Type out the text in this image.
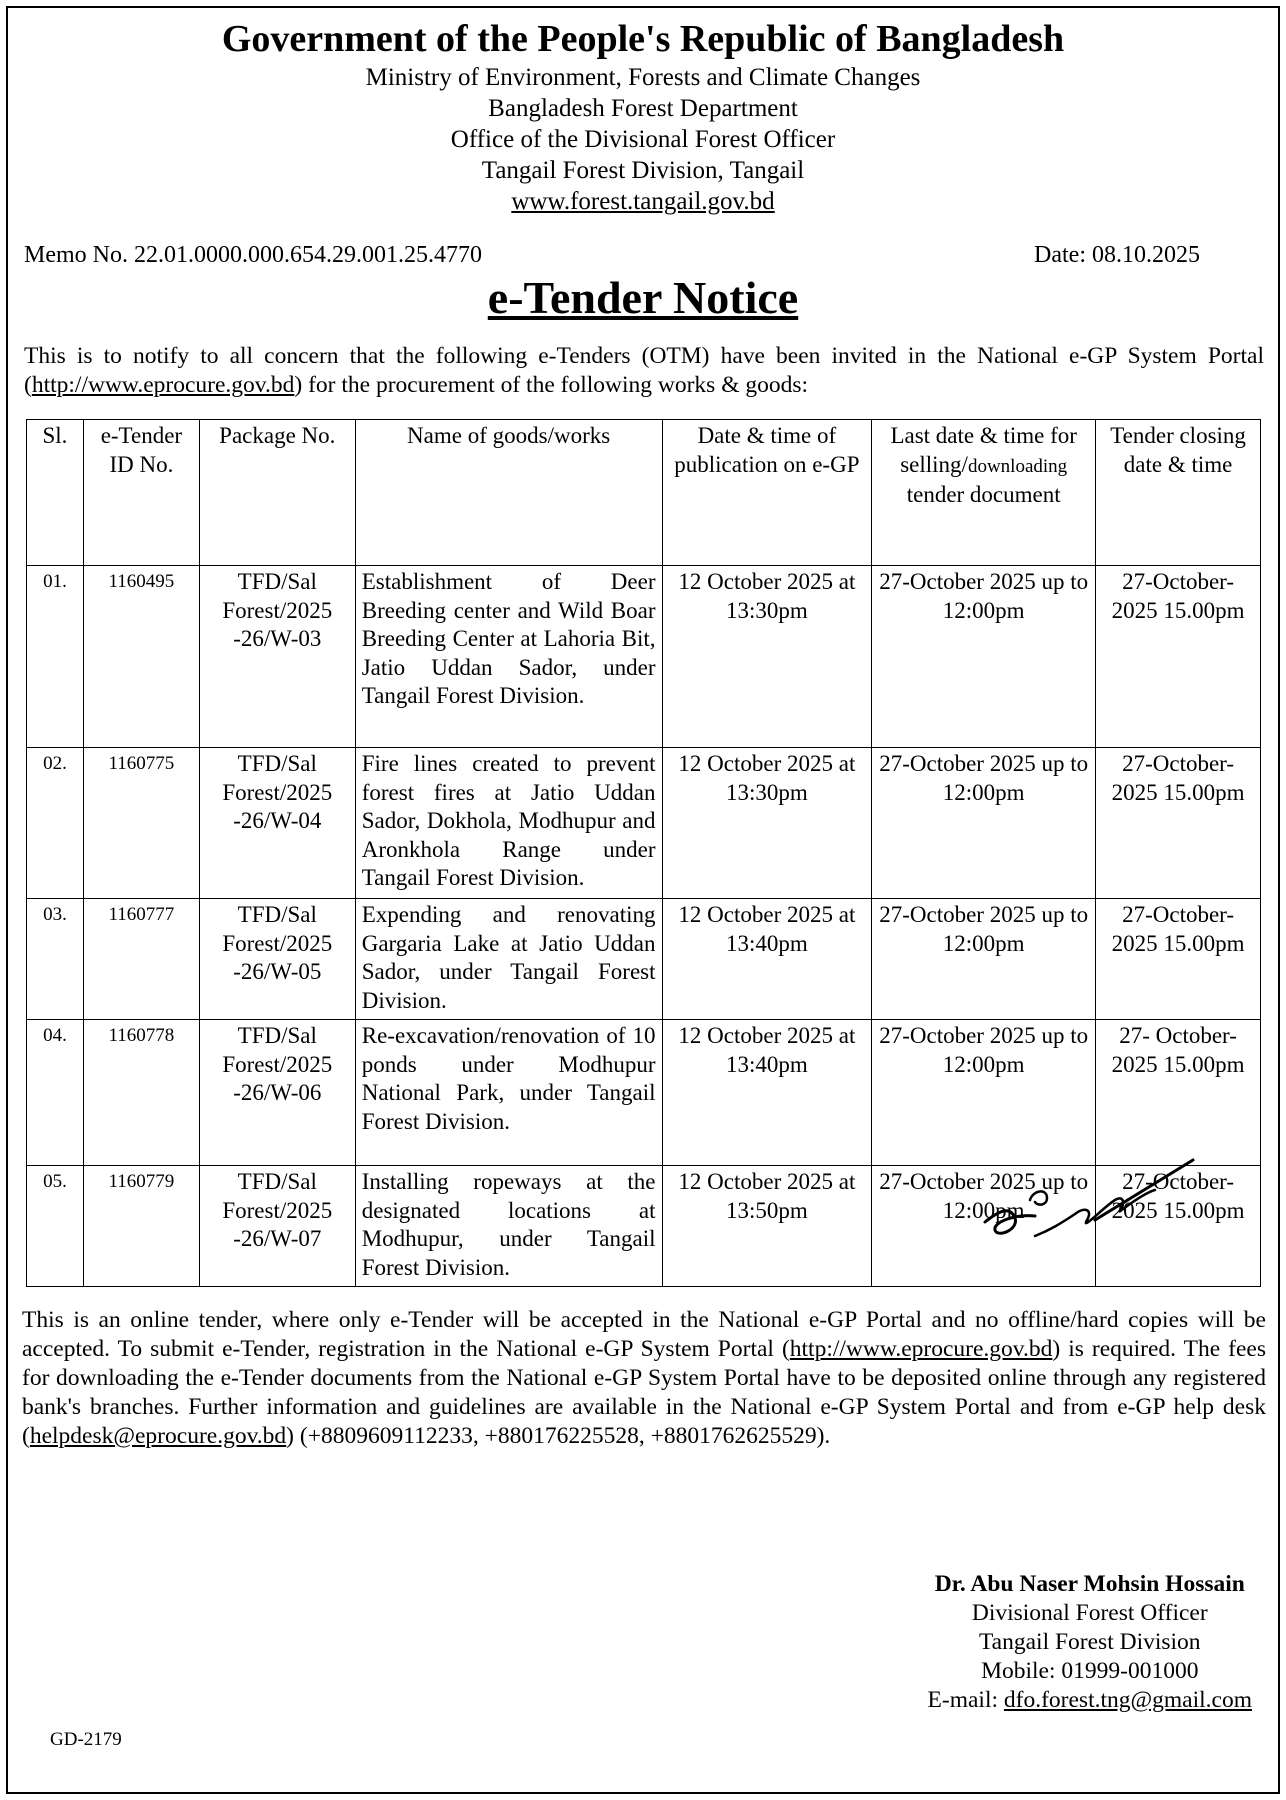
Government of the People's Republic of Bangladesh
Ministry of Environment, Forests and Climate Changes
Bangladesh Forest Department
Office of the Divisional Forest Officer
Tangail Forest Division, Tangail
www.forest.tangail.gov.bd
Memo No. 22.01.0000.000.654.29.001.25.4770	Date: 08.10.2025
e-Tender Notice
This is to notify to all concern that the following e-Tenders (OTM) have been invited in the National e-GP System Portal (http://www.eprocure.gov.bd) for the procurement of the following works & goods:
Sl.	e-Tender ID No.	Package No.	Name of goods/works	Date & time of publication on e-GP	Last date & time for selling/downloading tender document	Tender closing date & time
01.	1160495	TFD/Sal Forest/2025 -26/W-03	Establishment of Deer Breeding center and Wild Boar Breeding Center at Lahoria Bit, Jatio Uddan Sador, under Tangail Forest Division.	12 October 2025 at 13:30pm	27-October 2025 up to 12:00pm	27-October-2025 15.00pm
02.	1160775	TFD/Sal Forest/2025 -26/W-04	Fire lines created to prevent forest fires at Jatio Uddan Sador, Dokhola, Modhupur and Aronkhola Range under Tangail Forest Division.	12 October 2025 at 13:30pm	27-October 2025 up to 12:00pm	27-October-2025 15.00pm
03.	1160777	TFD/Sal Forest/2025 -26/W-05	Expending and renovating Gargaria Lake at Jatio Uddan Sador, under Tangail Forest Division.	12 October 2025 at 13:40pm	27-October 2025 up to 12:00pm	27-October-2025 15.00pm
04.	1160778	TFD/Sal Forest/2025 -26/W-06	Re-excavation/renovation of 10 ponds under Modhupur National Park, under Tangail Forest Division.	12 October 2025 at 13:40pm	27-October 2025 up to 12:00pm	27- October-2025 15.00pm
05.	1160779	TFD/Sal Forest/2025 -26/W-07	Installing ropeways at the designated locations at Modhupur, under Tangail Forest Division.	12 October 2025 at 13:50pm	27-October 2025 up to 12:00pm	27-October-2025 15.00pm
This is an online tender, where only e-Tender will be accepted in the National e-GP Portal and no offline/hard copies will be accepted. To submit e-Tender, registration in the National e-GP System Portal (http://www.eprocure.gov.bd) is required. The fees for downloading the e-Tender documents from the National e-GP System Portal have to be deposited online through any registered bank's branches. Further information and guidelines are available in the National e-GP System Portal and from e-GP help desk (helpdesk@eprocure.gov.bd) (+8809609112233, +880176225528, +8801762625529).
Dr. Abu Naser Mohsin Hossain
Divisional Forest Officer
Tangail Forest Division
Mobile: 01999-001000
E-mail: dfo.forest.tng@gmail.com
GD-2179
